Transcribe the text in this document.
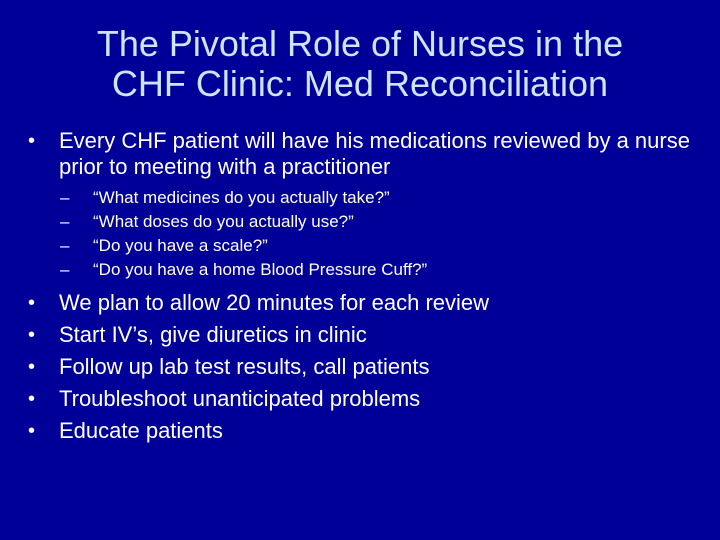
The Pivotal Role of Nurses in the
CHF Clinic: Med Reconciliation
•	Every CHF patient will have his medications reviewed by a nurse prior to meeting with a practitioner
– “What medicines do you actually take?”
– “What doses do you actually use?”
– “Do you have a scale?”
– “Do you have a home Blood Pressure Cuff?”
•	We plan to allow 20 minutes for each review
•	Start IV’s, give diuretics in clinic
•	Follow up lab test results, call patients
•	Troubleshoot unanticipated problems
•	Educate patients
